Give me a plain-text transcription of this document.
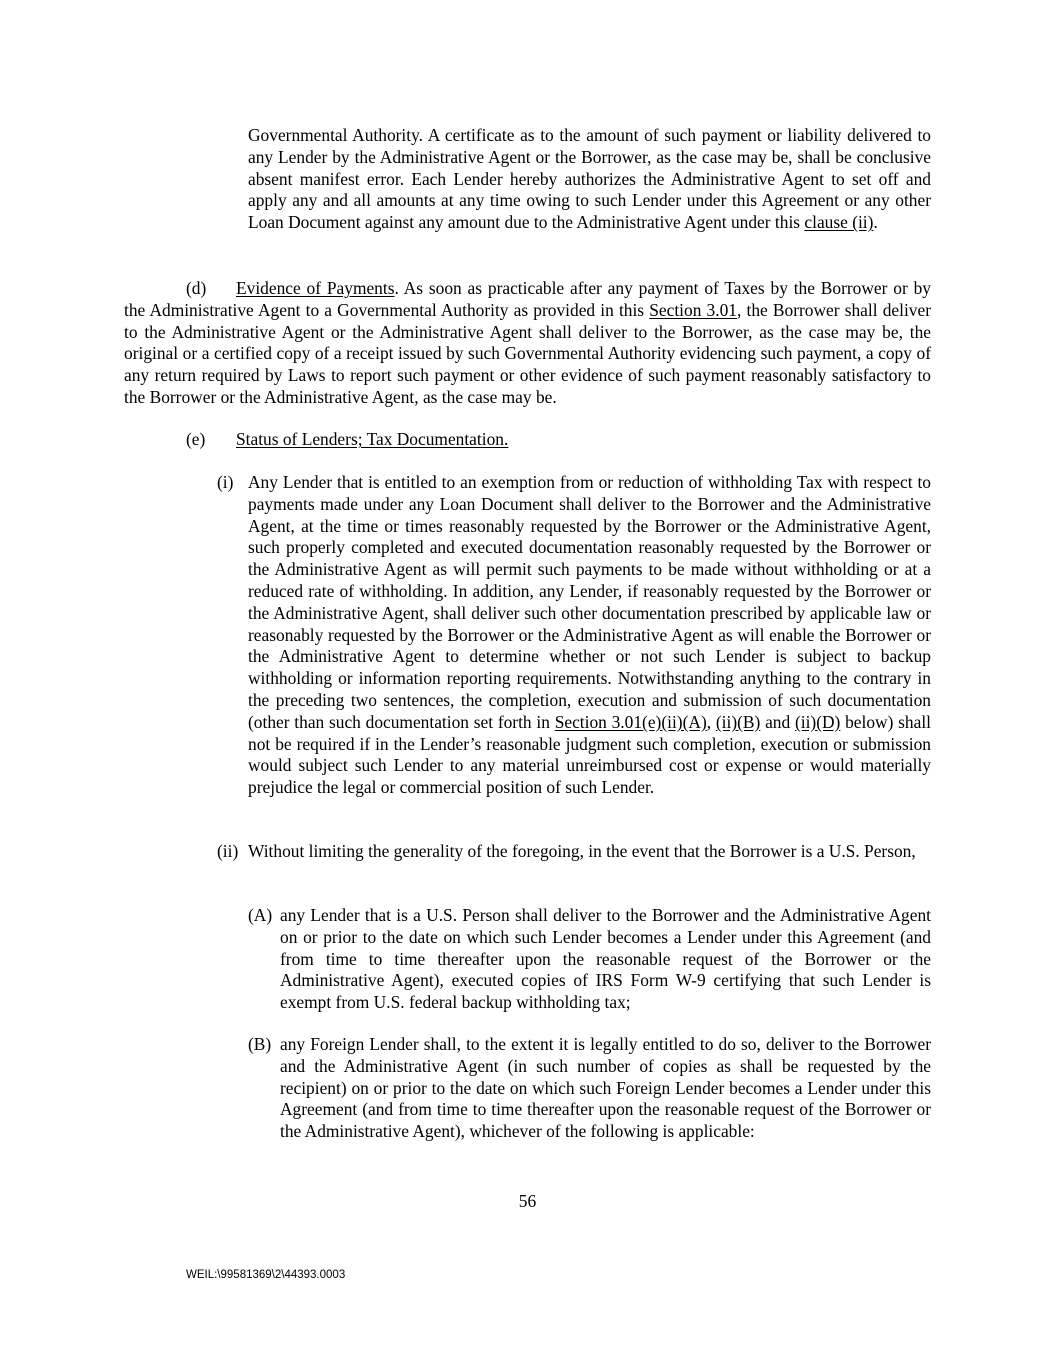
Governmental Authority. A certificate as to the amount of such payment or liability delivered to any Lender by the Administrative Agent or the Borrower, as the case may be, shall be conclusive absent manifest error. Each Lender hereby authorizes the Administrative Agent to set off and apply any and all amounts at any time owing to such Lender under this Agreement or any other Loan Document against any amount due to the Administrative Agent under this clause (ii).

(d)	Evidence of Payments. As soon as practicable after any payment of Taxes by the Borrower or by the Administrative Agent to a Governmental Authority as provided in this Section 3.01, the Borrower shall deliver to the Administrative Agent or the Administrative Agent shall deliver to the Borrower, as the case may be, the original or a certified copy of a receipt issued by such Governmental Authority evidencing such payment, a copy of any return required by Laws to report such payment or other evidence of such payment reasonably satisfactory to the Borrower or the Administrative Agent, as the case may be.

(e) Status of Lenders; Tax Documentation.
(i) Any Lender that is entitled to an exemption from or reduction of withholding Tax with respect to payments made under any Loan Document shall deliver to the Borrower and the Administrative Agent, at the time or times reasonably requested by the Borrower or the Administrative Agent, such properly completed and executed documentation reasonably requested by the Borrower or the Administrative Agent as will permit such payments to be made without withholding or at a reduced rate of withholding. In addition, any Lender, if reasonably requested by the Borrower or the Administrative Agent, shall deliver such other documentation prescribed by applicable law or reasonably requested by the Borrower or the Administrative Agent as will enable the Borrower or the Administrative Agent to determine whether or not such Lender is subject to backup withholding or information reporting requirements. Notwithstanding anything to the contrary in the preceding two sentences, the completion, execution and submission of such documentation (other than such documentation set forth in Section 3.01(e)(ii)(A), (ii)(B) and (ii)(D) below) shall not be required if in the Lender’s reasonable judgment such completion, execution or submission would subject such Lender to any material unreimbursed cost or expense or would materially prejudice the legal or commercial position of such Lender.

(ii) Without limiting the generality of the foregoing, in the event that the Borrower is a U.S. Person,

(A) any Lender that is a U.S. Person shall deliver to the Borrower and the Administrative Agent on or prior to the date on which such Lender becomes a Lender under this Agreement (and from time to time thereafter upon the reasonable request of the Borrower or the Administrative Agent), executed copies of IRS Form W-9 certifying that such Lender is exempt from U.S. federal backup withholding tax;

(B) any Foreign Lender shall, to the extent it is legally entitled to do so, deliver to the Borrower and the Administrative Agent (in such number of copies as shall be requested by the recipient) on or prior to the date on which such Foreign Lender becomes a Lender under this Agreement (and from time to time thereafter upon the reasonable request of the Borrower or the Administrative Agent), whichever of the following is applicable:

56
WEIL:\99581369\2\44393.0003
